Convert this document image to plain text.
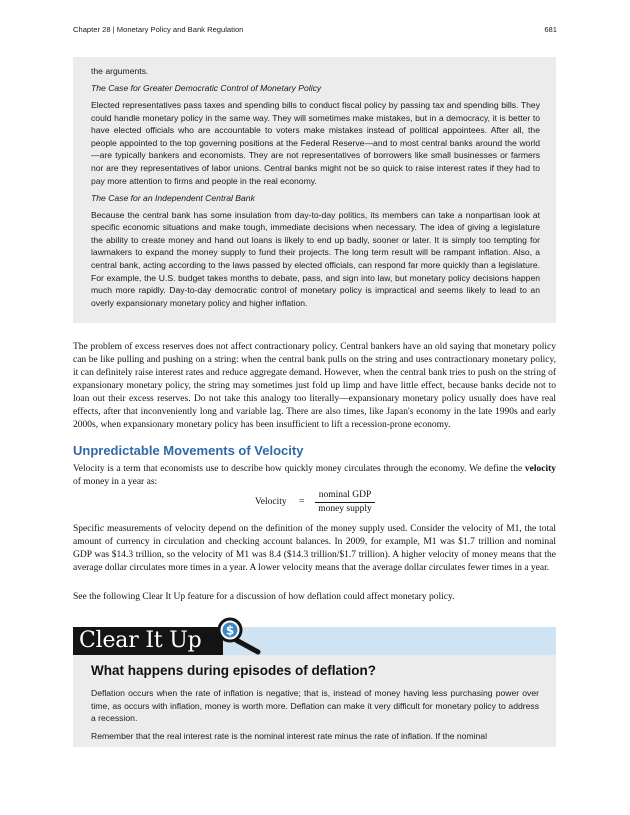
Chapter 28 | Monetary Policy and Bank Regulation	681

the arguments.

The Case for Greater Democratic Control of Monetary Policy

Elected representatives pass taxes and spending bills to conduct fiscal policy by passing tax and spending bills. They could handle monetary policy in the same way. They will sometimes make mistakes, but in a democracy, it is better to have elected officials who are accountable to voters make mistakes instead of political appointees. After all, the people appointed to the top governing positions at the Federal Reserve—and to most central banks around the world—are typically bankers and economists. They are not representatives of borrowers like small businesses or farmers nor are they representatives of labor unions. Central banks might not be so quick to raise interest rates if they had to pay more attention to firms and people in the real economy.

The Case for an Independent Central Bank

Because the central bank has some insulation from day-to-day politics, its members can take a nonpartisan look at specific economic situations and make tough, immediate decisions when necessary. The idea of giving a legislature the ability to create money and hand out loans is likely to end up badly, sooner or later. It is simply too tempting for lawmakers to expand the money supply to fund their projects. The long term result will be rampant inflation. Also, a central bank, acting according to the laws passed by elected officials, can respond far more quickly than a legislature. For example, the U.S. budget takes months to debate, pass, and sign into law, but monetary policy decisions happen much more rapidly. Day-to-day democratic control of monetary policy is impractical and seems likely to lead to an overly expansionary monetary policy and higher inflation.

The problem of excess reserves does not affect contractionary policy. Central bankers have an old saying that monetary policy can be like pulling and pushing on a string: when the central bank pulls on the string and uses contractionary monetary policy, it can definitely raise interest rates and reduce aggregate demand. However, when the central bank tries to push on the string of expansionary monetary policy, the string may sometimes just fold up limp and have little effect, because banks decide not to loan out their excess reserves. Do not take this analogy too literally—expansionary monetary policy usually does have real effects, after that inconveniently long and variable lag. There are also times, like Japan's economy in the late 1990s and early 2000s, when expansionary monetary policy has been insufficient to lift a recession-prone economy.

Unpredictable Movements of Velocity

Velocity is a term that economists use to describe how quickly money circulates through the economy. We define the velocity of money in a year as:

Velocity =
nominal GDP
money supply

Specific measurements of velocity depend on the definition of the money supply used. Consider the velocity of M1, the total amount of currency in circulation and checking account balances. In 2009, for example, M1 was $1.7 trillion and nominal GDP was $14.3 trillion, so the velocity of M1 was 8.4 ($14.3 trillion/$1.7 trillion). A higher velocity of money means that the average dollar circulates more times in a year. A lower velocity means that the average dollar circulates fewer times in a year.

See the following Clear It Up feature for a discussion of how deflation could affect monetary policy.

Clear It Up $
What happens during episodes of deflation?

Deflation occurs when the rate of inflation is negative; that is, instead of money having less purchasing power over time, as occurs with inflation, money is worth more. Deflation can make it very difficult for monetary policy to address a recession.

Remember that the real interest rate is the nominal interest rate minus the rate of inflation. If the nominal
